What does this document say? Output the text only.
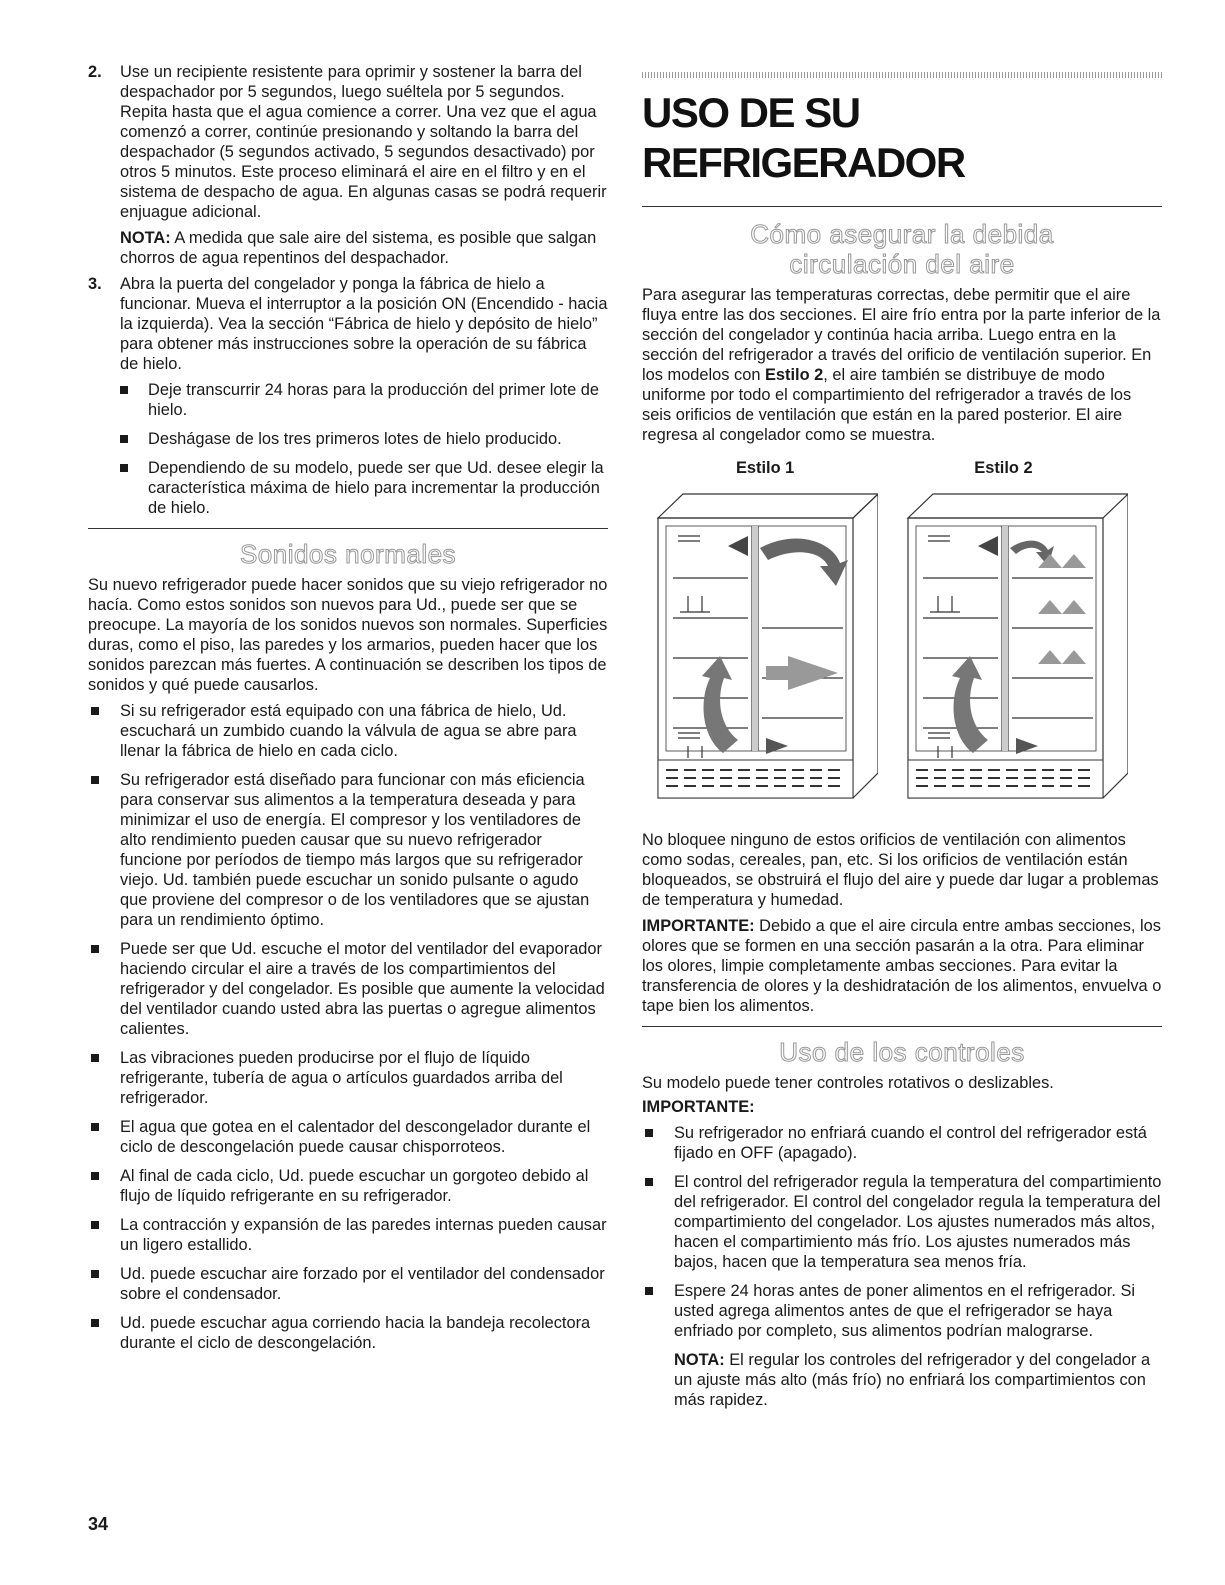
2. Use un recipiente resistente para oprimir y sostener la barra del despachador por 5 segundos, luego suéltela por 5 segundos. Repita hasta que el agua comience a correr. Una vez que el agua comenzó a correr, continúe presionando y soltando la barra del despachador (5 segundos activado, 5 segundos desactivado) por otros 5 minutos. Este proceso eliminará el aire en el filtro y en el sistema de despacho de agua. En algunas casas se podrá requerir enjuague adicional.

NOTA: A medida que sale aire del sistema, es posible que salgan chorros de agua repentinos del despachador.

3. Abra la puerta del congelador y ponga la fábrica de hielo a funcionar. Mueva el interruptor a la posición ON (Encendido - hacia la izquierda). Vea la sección “Fábrica de hielo y depósito de hielo” para obtener más instrucciones sobre la operación de su fábrica de hielo.

Deje transcurrir 24 horas para la producción del primer lote de hielo.
Deshágase de los tres primeros lotes de hielo producido.
Dependiendo de su modelo, puede ser que Ud. desee elegir la característica máxima de hielo para incrementar la producción de hielo.
Sonidos normales

Su nuevo refrigerador puede hacer sonidos que su viejo refrigerador no hacía. Como estos sonidos son nuevos para Ud., puede ser que se preocupe. La mayoría de los sonidos nuevos son normales. Superficies duras, como el piso, las paredes y los armarios, pueden hacer que los sonidos parezcan más fuertes. A continuación se describen los tipos de sonidos y qué puede causarlos.

Si su refrigerador está equipado con una fábrica de hielo, Ud. escuchará un zumbido cuando la válvula de agua se abre para llenar la fábrica de hielo en cada ciclo.
Su refrigerador está diseñado para funcionar con más eficiencia para conservar sus alimentos a la temperatura deseada y para minimizar el uso de energía. El compresor y los ventiladores de alto rendimiento pueden causar que su nuevo refrigerador funcione por períodos de tiempo más largos que su refrigerador viejo. Ud. también puede escuchar un sonido pulsante o agudo que proviene del compresor o de los ventiladores que se ajustan para un rendimiento óptimo.
Puede ser que Ud. escuche el motor del ventilador del evaporador haciendo circular el aire a través de los compartimientos del refrigerador y del congelador. Es posible que aumente la velocidad del ventilador cuando usted abra las puertas o agregue alimentos calientes.
Las vibraciones pueden producirse por el flujo de líquido refrigerante, tubería de agua o artículos guardados arriba del refrigerador.
El agua que gotea en el calentador del descongelador durante el ciclo de descongelación puede causar chisporroteos.
Al final de cada ciclo, Ud. puede escuchar un gorgoteo debido al flujo de líquido refrigerante en su refrigerador.
La contracción y expansión de las paredes internas pueden causar un ligero estallido.
Ud. puede escuchar aire forzado por el ventilador del condensador sobre el condensador.
Ud. puede escuchar agua corriendo hacia la bandeja recolectora durante el ciclo de descongelación.
USO DE SU REFRIGERADOR
Cómo asegurar la debida
circulación del aire

Para asegurar las temperaturas correctas, debe permitir que el aire fluya entre las dos secciones. El aire frío entra por la parte inferior de la sección del congelador y continúa hacia arriba. Luego entra en la sección del refrigerador a través del orificio de ventilación superior. En los modelos con Estilo 2, el aire también se distribuye de modo uniforme por todo el compartimiento del refrigerador a través de los seis orificios de ventilación que están en la pared posterior. El aire regresa al congelador como se muestra.

Estilo 1	Estilo 2

No bloquee ninguno de estos orificios de ventilación con alimentos como sodas, cereales, pan, etc. Si los orificios de ventilación están bloqueados, se obstruirá el flujo del aire y puede dar lugar a problemas de temperatura y humedad.

IMPORTANTE: Debido a que el aire circula entre ambas secciones, los olores que se formen en una sección pasarán a la otra. Para eliminar los olores, limpie completamente ambas secciones. Para evitar la transferencia de olores y la deshidratación de los alimentos, envuelva o tape bien los alimentos.

Uso de los controles

Su modelo puede tener controles rotativos o deslizables.

IMPORTANTE:

Su refrigerador no enfriará cuando el control del refrigerador está fijado en OFF (apagado).
El control del refrigerador regula la temperatura del compartimiento del refrigerador. El control del congelador regula la temperatura del compartimiento del congelador. Los ajustes numerados más altos, hacen el compartimiento más frío. Los ajustes numerados más bajos, hacen que la temperatura sea menos fría.
Espere 24 horas antes de poner alimentos en el refrigerador. Si usted agrega alimentos antes de que el refrigerador se haya enfriado por completo, sus alimentos podrían malograrse.

NOTA: El regular los controles del refrigerador y del congelador a un ajuste más alto (más frío) no enfriará los compartimientos con más rapidez.

34
